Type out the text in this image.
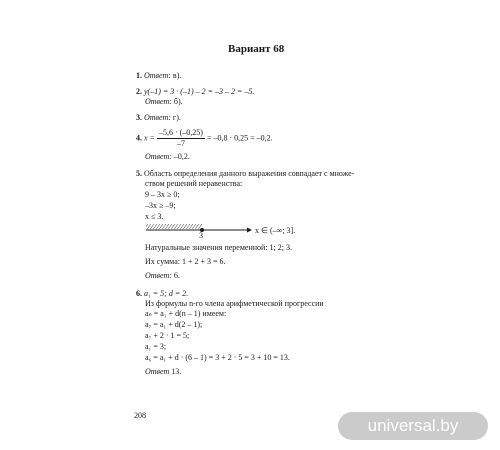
Вариант 68
1. Ответ: в).
2. y(–1) = 3 · (–1) – 2 = –3 – 2 = –5.
Ответ: б).
3. Ответ: г).
4. $x = \frac{-5,6 \cdot (-0,25)}{-7} = -0,8 \cdot 0,25 = -0,2$.
Ответ: –0,2.
5. Область определения данного выражения совпадает с множе-
ством решений неравенства:
9 – 3x ≥ 0;
–3x ≥ –9;
x ≤ 3.
3
x ∈ (–∞; 3].
Натуральные значения переменной: 1; 2; 3.
Их сумма: 1 + 2 + 3 = 6.
Ответ: 6.
6. a₁ = 5; d = 2.
Из формулы n-го члена арифметической прогрессии
aₙ = a₁ + d(n – 1) имеем:
a₇ = a₁ + d(2 – 1);
a₇ + 2 · 1 = 5;
a₁ = 3;
a₆ = a₁ + d · (6 – 1) = 3 + 2 · 5 = 3 + 10 = 13.
Ответ 13.
208
universal.by
